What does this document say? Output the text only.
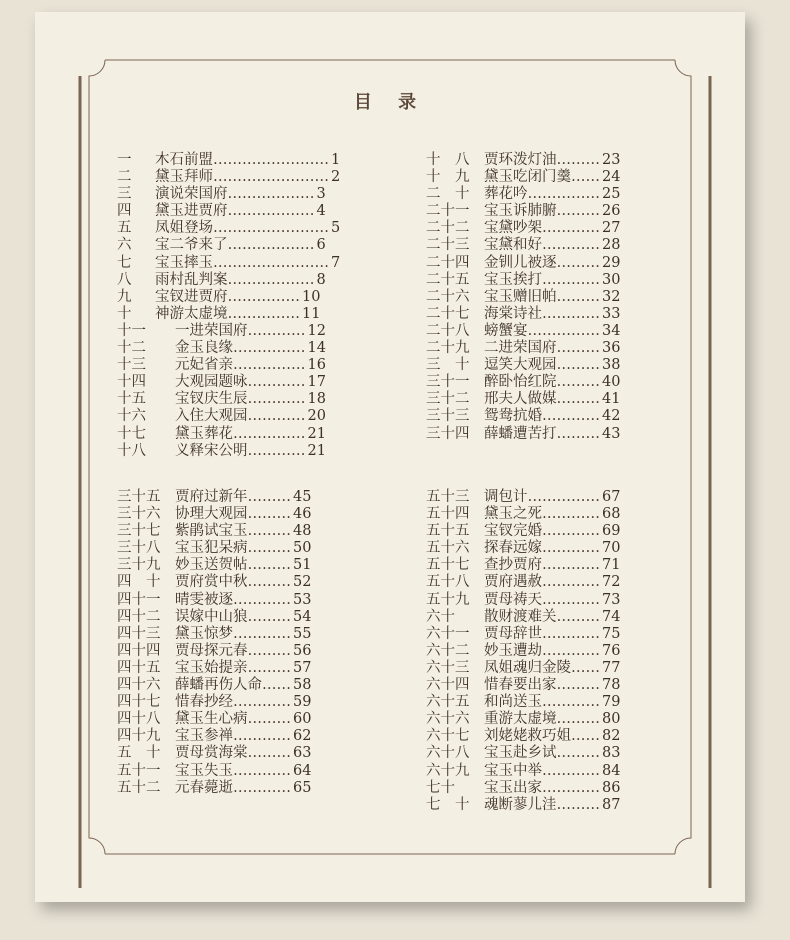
目 录
一 木石前盟…………………… 1
二 黛玉拜师…………………… 2
三 演说荣国府……………… 3
四 黛玉进贾府……………… 4
五 凤姐登场…………………… 5
六 宝二爷来了……………… 6
七 宝玉摔玉…………………… 7
八 雨村乱判案……………… 8
九 宝钗进贾府…………… 10
十 神游太虚境…………… 11
十一 一进荣国府………… 12
十二 金玉良缘…………… 14
十三 元妃省亲…………… 16
十四 大观园题咏………… 17
十五 宝钗庆生辰………… 18
十六 入住大观园………… 20
十七 黛玉葬花…………… 21
十八 义释宋公明………… 21
十　八 贾环泼灯油……… 23
十　九 黛玉吃闭门羹…… 24
二　十 葬花吟…………… 25
二十一 宝玉诉肺腑……… 26
二十二 宝黛吵架………… 27
二十三 宝黛和好………… 28
二十四 金钏儿被逐……… 29
二十五 宝玉挨打………… 30
二十六 宝玉赠旧帕……… 32
二十七 海棠诗社………… 33
二十八 螃蟹宴…………… 34
二十九 二进荣国府……… 36
三　十 逗笑大观园……… 38
三十一 醉卧怡红院……… 40
三十二 邢夫人做媒……… 41
三十三 鸳鸯抗婚………… 42
三十四 薛蟠遭苦打……… 43
三十五 贾府过新年……… 45
三十六 协理大观园……… 46
三十七 紫鹃试宝玉……… 48
三十八 宝玉犯呆病……… 50
三十九 妙玉送贺帖……… 51
四　十 贾府赏中秋……… 52
四十一 晴雯被逐………… 53
四十二 误嫁中山狼……… 54
四十三 黛玉惊梦………… 55
四十四 贾母探元春……… 56
四十五 宝玉始提亲……… 57
四十六 薛蟠再伤人命…… 58
四十七 惜春抄经………… 59
四十八 黛玉生心病……… 60
四十九 宝玉参禅………… 62
五　十 贾母赏海棠……… 63
五十一 宝玉失玉………… 64
五十二 元春薨逝………… 65
五十三 调包计…………… 67
五十四 黛玉之死………… 68
五十五 宝钗完婚………… 69
五十六 探春远嫁………… 70
五十七 查抄贾府………… 71
五十八 贾府遇赦………… 72
五十九 贾母祷天………… 73
六十 散财渡难关……… 74
六十一 贾母辞世………… 75
六十二 妙玉遭劫………… 76
六十三 凤姐魂归金陵…… 77
六十四 惜春要出家……… 78
六十五 和尚送玉………… 79
六十六 重游太虚境……… 80
六十七 刘姥姥救巧姐…… 82
六十八 宝玉赴乡试……… 83
六十九 宝玉中举………… 84
七十 宝玉出家………… 86
七　十 魂断蓼儿洼……… 87
